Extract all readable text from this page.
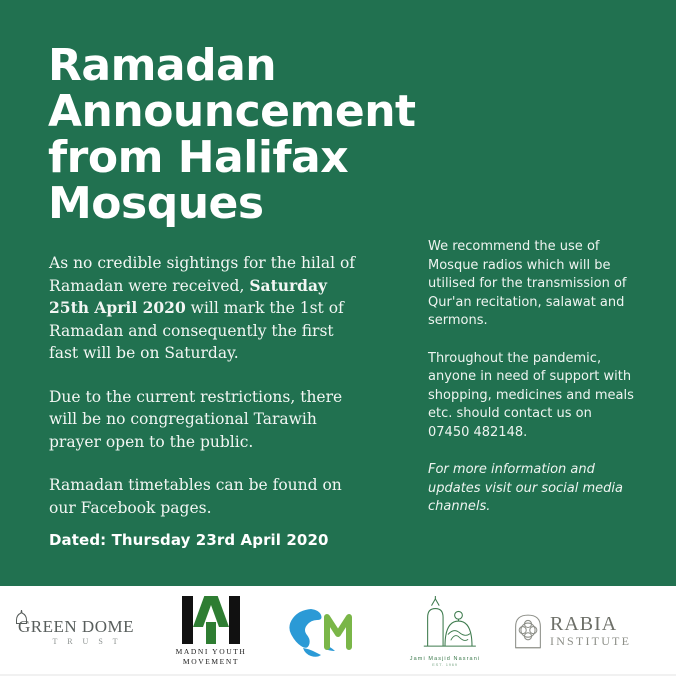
Ramadan
Announcement
from Halifax
Mosques

As no credible sightings for the hilal of Ramadan were received, Saturday 25th April 2020 will mark the 1st of Ramadan and consequently the first fast will be on Saturday.

Due to the current restrictions, there will be no congregational Tarawih prayer open to the public.

Ramadan timetables can be found on our Facebook pages.

Dated: Thursday 23rd April 2020

We recommend the use of Mosque radios which will be utilised for the transmission of Qur'an recitation, salawat and sermons.

Throughout the pandemic, anyone in need of support with shopping, medicines and meals etc. should contact us on 07450 482148.

For more information and updates visit our social media channels.

GREEN DOME
T R U S T
MADNI YOUTH
MOVEMENT	Jami Masjid Nasrani
EST. 1969
RABIA
INSTITUTE
